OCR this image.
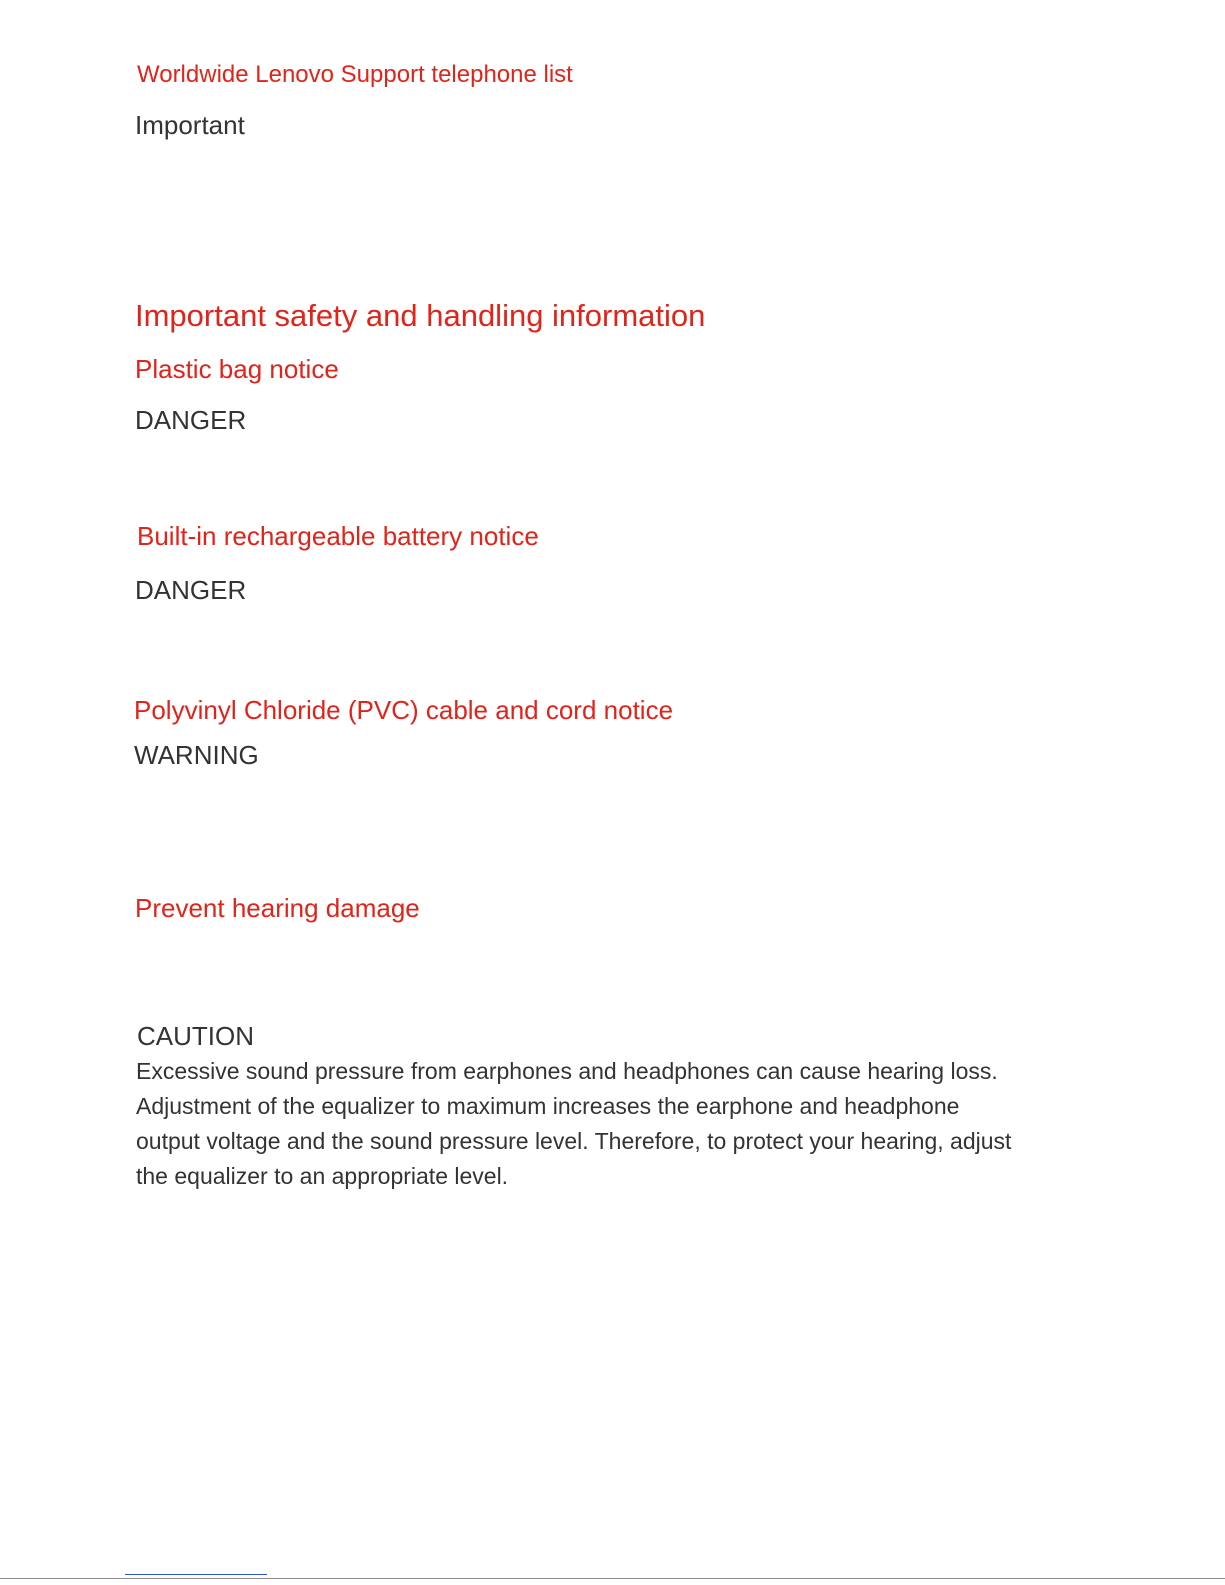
Worldwide Lenovo Support telephone list

Important

Important safety and handling information

Plastic bag notice

DANGER

Built-in rechargeable battery notice

DANGER

Polyvinyl Chloride (PVC) cable and cord notice

WARNING

Prevent hearing damage

CAUTION

Excessive sound pressure from earphones and headphones can cause hearing loss.

Adjustment of the equalizer to maximum increases the earphone and headphone

output voltage and the sound pressure level. Therefore, to protect your hearing, adjust

the equalizer to an appropriate level.
